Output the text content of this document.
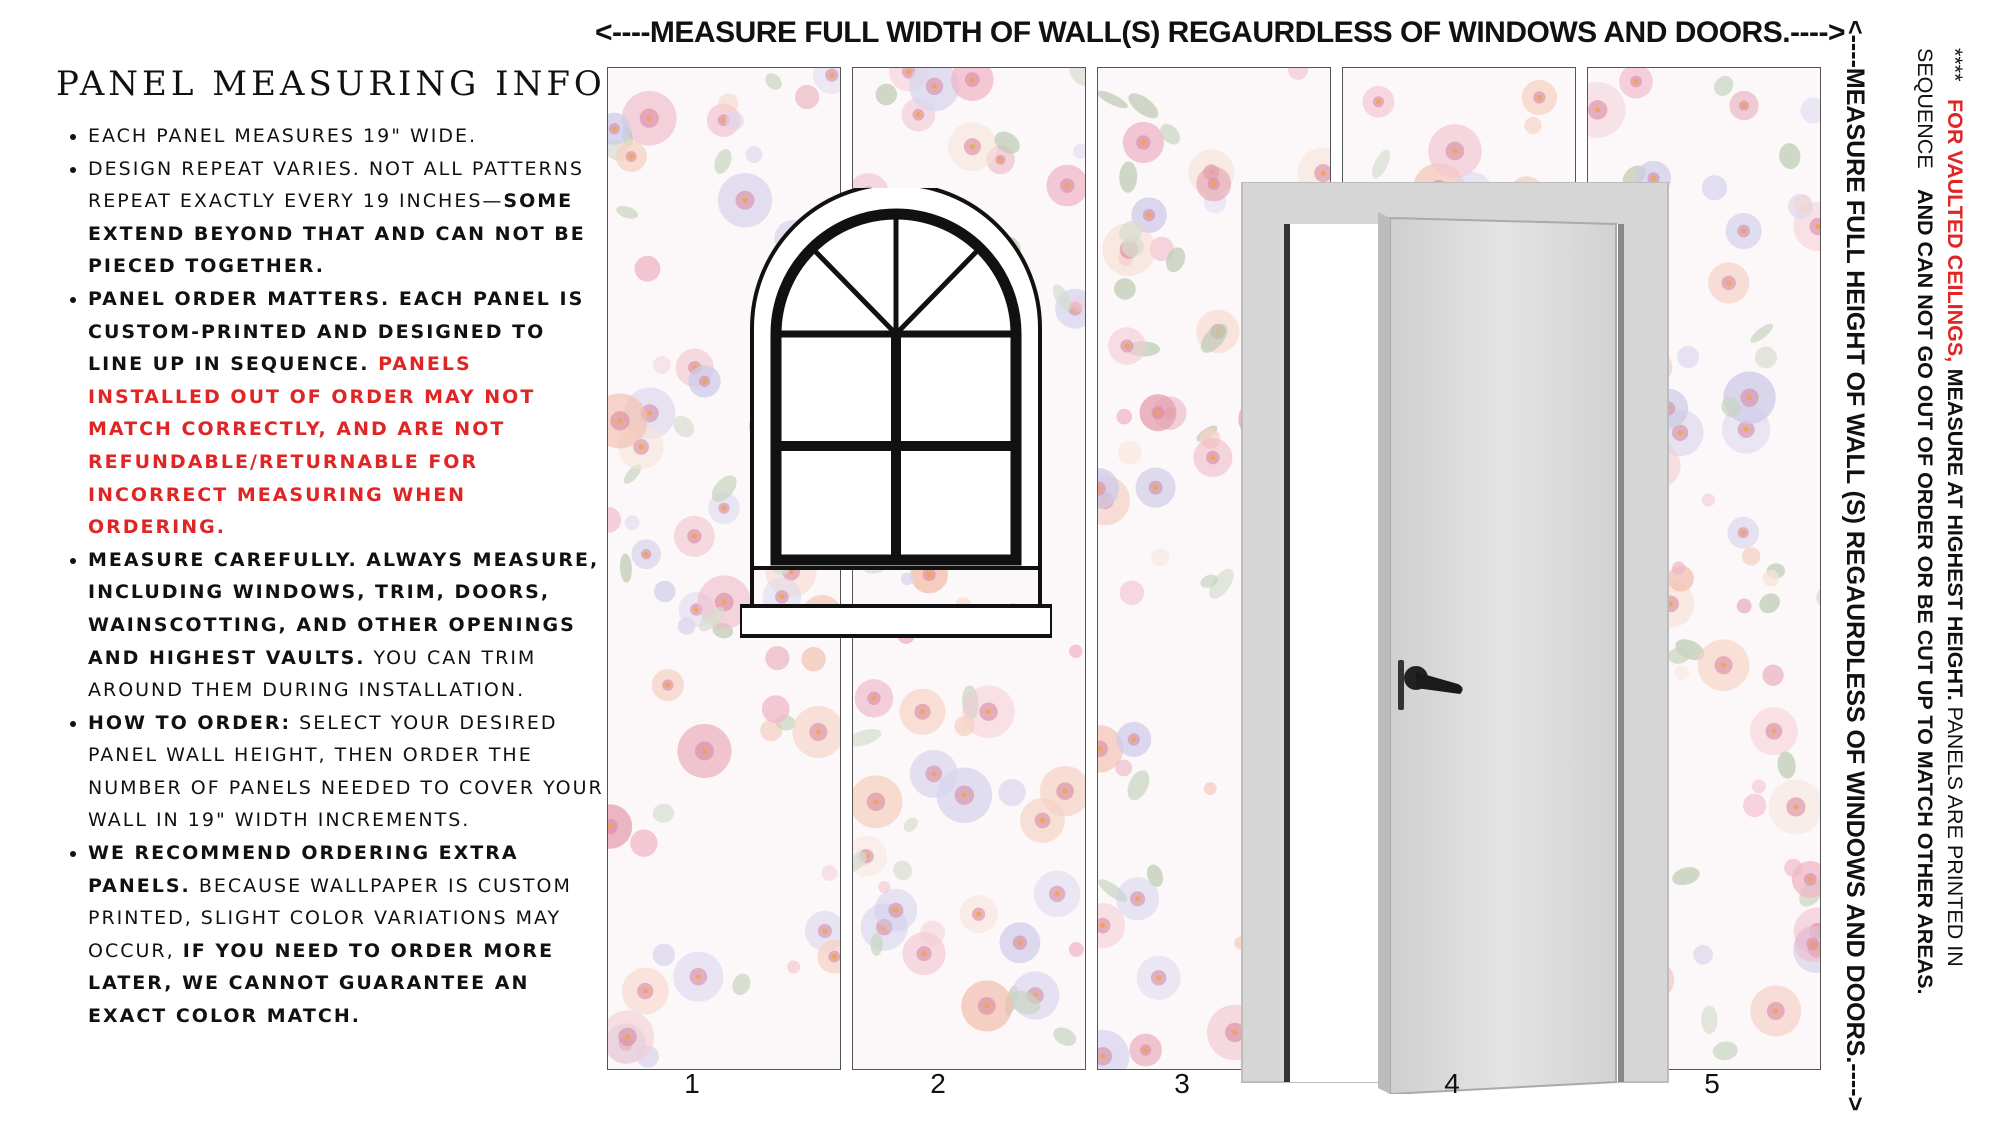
PANEL MEASURING INFO
• EACH PANEL MEASURES 19" WIDE.
• DESIGN REPEAT VARIES. NOT ALL PATTERNS REPEAT EXACTLY EVERY 19 INCHES—SOME EXTEND BEYOND THAT AND CAN NOT BE PIECED TOGETHER.
• PANEL ORDER MATTERS. EACH PANEL IS CUSTOM-PRINTED AND DESIGNED TO LINE UP IN SEQUENCE. PANELS INSTALLED OUT OF ORDER MAY NOT MATCH CORRECTLY, AND ARE NOT REFUNDABLE/RETURNABLE FOR INCORRECT MEASURING WHEN ORDERING.
• MEASURE CAREFULLY. ALWAYS MEASURE, INCLUDING WINDOWS, TRIM, DOORS, WAINSCOTTING, AND OTHER OPENINGS AND HIGHEST VAULTS. YOU CAN TRIM AROUND THEM DURING INSTALLATION.
• HOW TO ORDER: SELECT YOUR DESIRED PANEL WALL HEIGHT, THEN ORDER THE NUMBER OF PANELS NEEDED TO COVER YOUR WALL IN 19" WIDTH INCREMENTS.
• WE RECOMMEND ORDERING EXTRA PANELS. BECAUSE WALLPAPER IS CUSTOM PRINTED, SLIGHT COLOR VARIATIONS MAY OCCUR, IF YOU NEED TO ORDER MORE LATER, WE CANNOT GUARANTEE AN EXACT COLOR MATCH.
<----MEASURE FULL WIDTH OF WALL(S) REGAURDLESS OF WINDOWS AND DOORS.---->
<----MEASURE FULL HEIGHT OF WALL (S) REGAURDLESS OF WINDOWS AND DOORS.---->	**** FOR VAULTED CEILINGS, MEASURE AT HIGHEST HEIGHT. PANELS ARE PRINTED IN
SEQUENCE AND CAN NOT GO OUT OF ORDER OR BE CUT UP TO MATCH OTHER AREAS.
1	2	3	4	5
